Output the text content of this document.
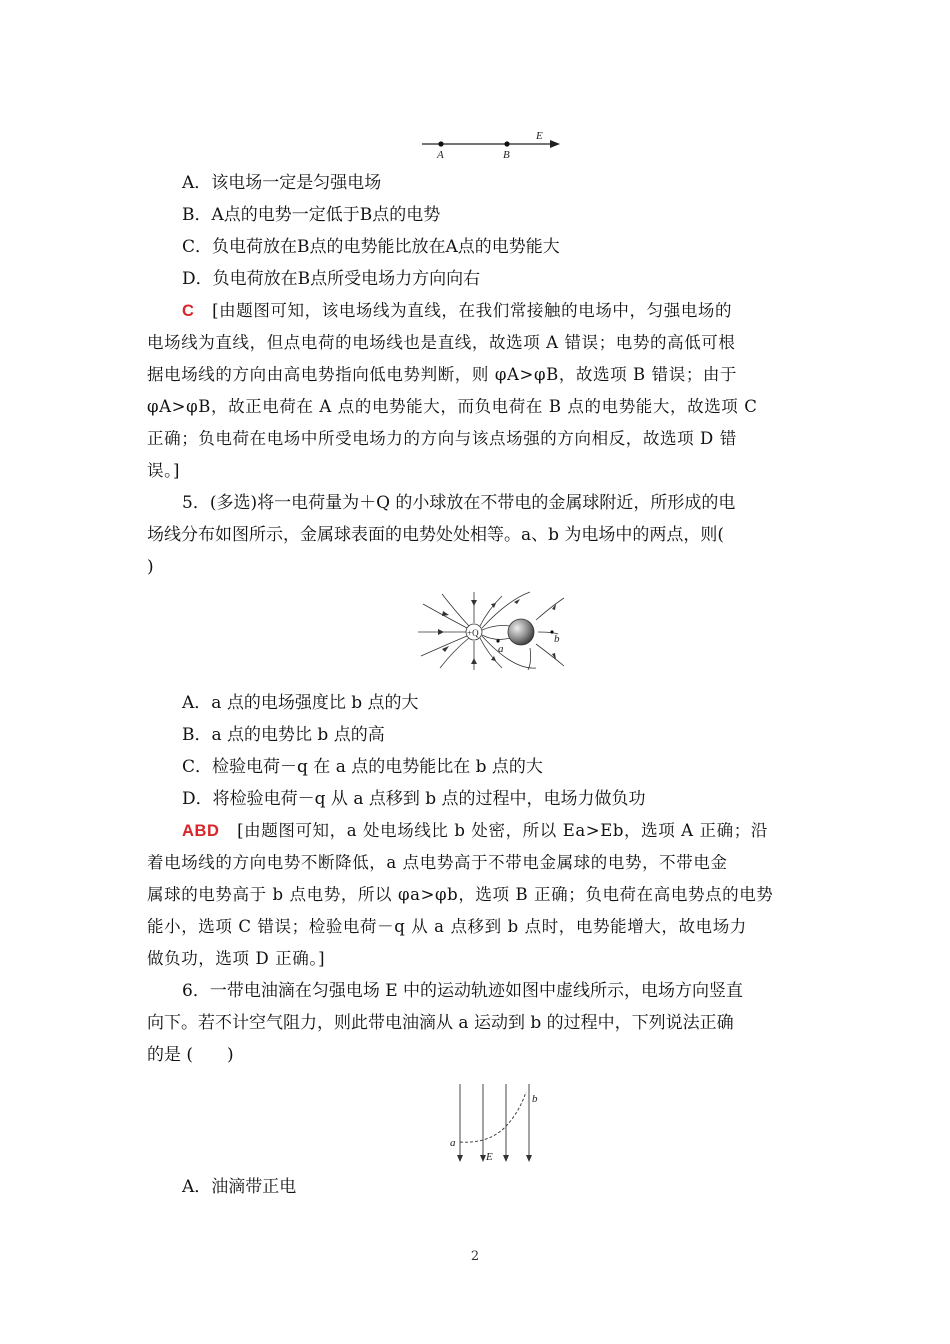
A	B
E
A．该电场一定是匀强电场
B．A点的电势一定低于B点的电势
C．负电荷放在B点的电势能比放在A点的电势能大
D．负电荷放在B点所受电场力方向向右
C [由题图可知，该电场线为直线，在我们常接触的电场中，匀强电场的
电场线为直线，但点电荷的电场线也是直线，故选项 A 错误；电势的高低可根
据电场线的方向由高电势指向低电势判断，则 φA>φB，故选项 B 错误；由于
φA>φB，故正电荷在 A 点的电势能大，而负电荷在 B 点的电势能大，故选项 C
正确；负电荷在电场中所受电场力的方向与该点场强的方向相反，故选项 D 错
误。]
5．(多选)将一电荷量为＋Q 的小球放在不带电的金属球附近，所形成的电
场线分布如图所示，金属球表面的电势处处相等。a、b 为电场中的两点，则(
)
+Q
a
b
A．a 点的电场强度比 b 点的大
B．a 点的电势比 b 点的高
C．检验电荷－q 在 a 点的电势能比在 b 点的大
D．将检验电荷－q 从 a 点移到 b 点的过程中，电场力做负功
ABD [由题图可知，a 处电场线比 b 处密，所以 Ea>Eb，选项 A 正确；沿
着电场线的方向电势不断降低，a 点电势高于不带电金属球的电势，不带电金
属球的电势高于 b 点电势，所以 φa>φb，选项 B 正确；负电荷在高电势点的电势
能小，选项 C 错误；检验电荷－q 从 a 点移到 b 点时，电势能增大，故电场力
做负功，选项 D 正确。]
6．一带电油滴在匀强电场 E 中的运动轨迹如图中虚线所示，电场方向竖直
向下。若不计空气阻力，则此带电油滴从 a 运动到 b 的过程中，下列说法正确
的是 (　　)
a
b
E
A．油滴带正电
2
